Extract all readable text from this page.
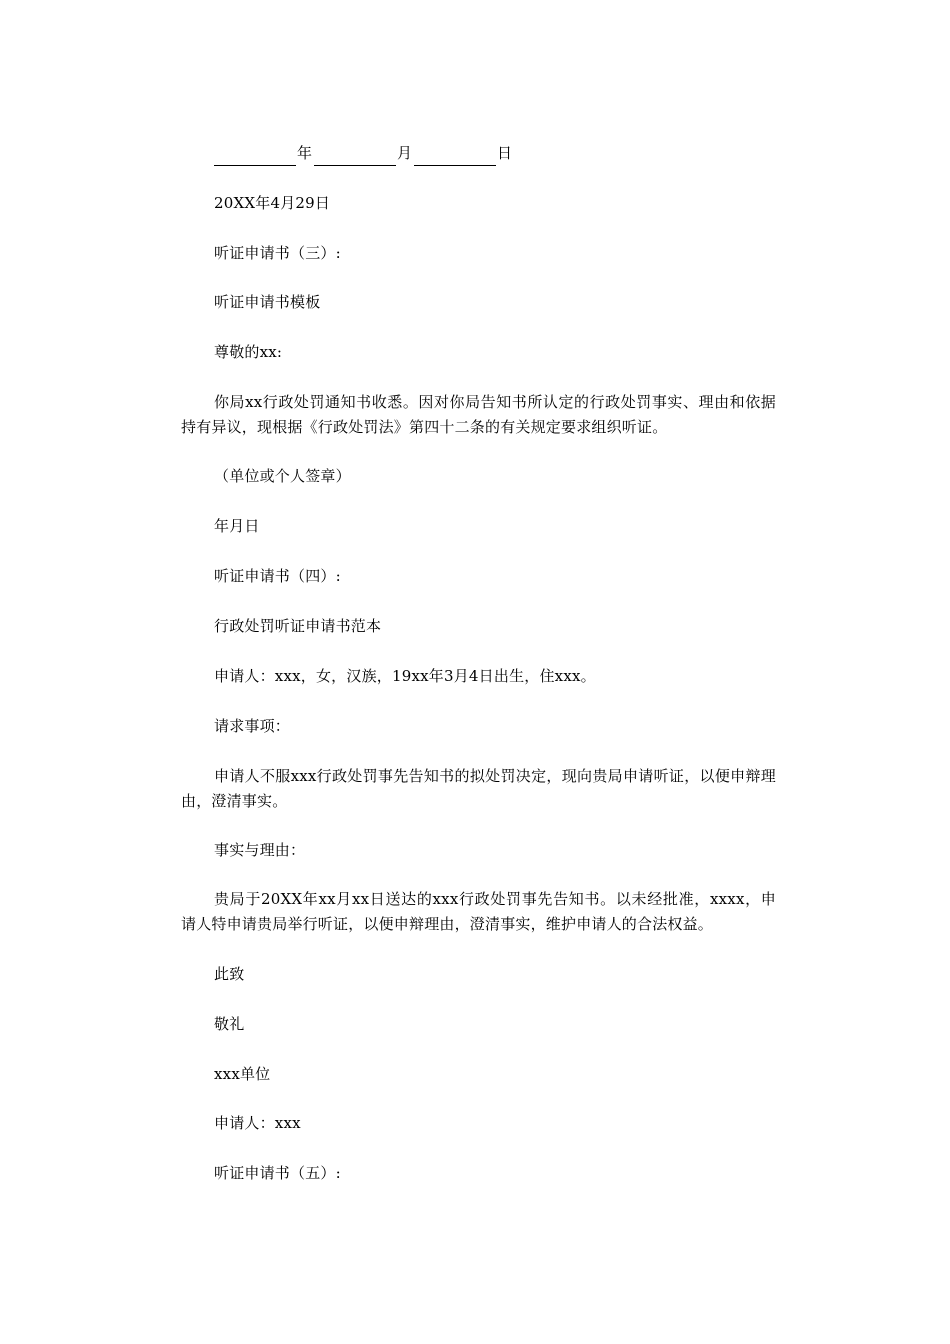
年	月	日

20XX年4月29日

听证申请书（三）:

听证申请书模板

尊敬的xx:

你局xx行政处罚通知书收悉。因对你局告知书所认定的行政处罚事实、理由和依据持有异议，现根据《行政处罚法》第四十二条的有关规定要求组织听证。

（单位或个人签章）

年月日

听证申请书（四）:

行政处罚听证申请书范本

申请人：xxx，女，汉族，19xx年3月4日出生，住xxx。

请求事项：

申请人不服xxx行政处罚事先告知书的拟处罚决定，现向贵局申请听证，以便申辩理由，澄清事实。

事实与理由：

贵局于20XX年xx月xx日送达的xxx行政处罚事先告知书。以未经批准，xxxx，申请人特申请贵局举行听证，以便申辩理由，澄清事实，维护申请人的合法权益。

此致

敬礼

xxx单位

申请人：xxx

听证申请书（五）:
